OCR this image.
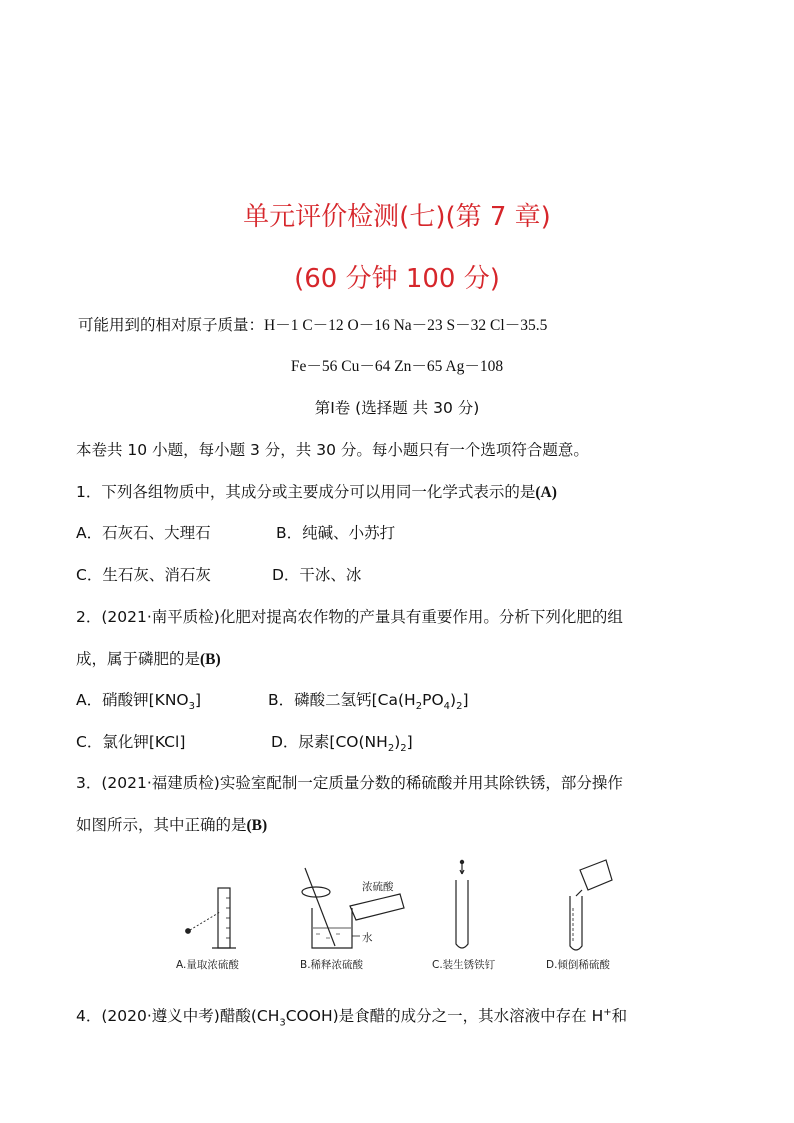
单元评价检测(七)(第 7 章)
(60 分钟 100 分)
可能用到的相对原子质量：H－1 C－12 O－16 Na－23 S－32 Cl－35.5
Fe－56 Cu－64 Zn－65 Ag－108
第Ⅰ卷 (选择题 共 30 分)
本卷共 10 小题，每小题 3 分，共 30 分。每小题只有一个选项符合题意。
1．下列各组物质中，其成分或主要成分可以用同一化学式表示的是(A)
A．石灰石、大理石	B．纯碱、小苏打
C．生石灰、消石灰	D．干冰、冰
2．(2021·南平质检)化肥对提高农作物的产量具有重要作用。分析下列化肥的组
成，属于磷肥的是(B)
A．硝酸钾$[KNO_3]$	B．磷酸二氢钙$[Ca(H_2PO_4)_2]$
C．氯化钾[KCl]	D．尿素$[CO(NH_2)_2]$
3．(2021·福建质检)实验室配制一定质量分数的稀硫酸并用其除铁锈，部分操作
如图所示，其中正确的是(B)
浓硫酸
水
A.量取浓硫酸	B.稀释浓硫酸	C.装生锈铁钉	D.倾倒稀硫酸
4．(2020·遵义中考)醋酸$(CH_3COOH)$是食醋的成分之一，其水溶液中存在 H+和
